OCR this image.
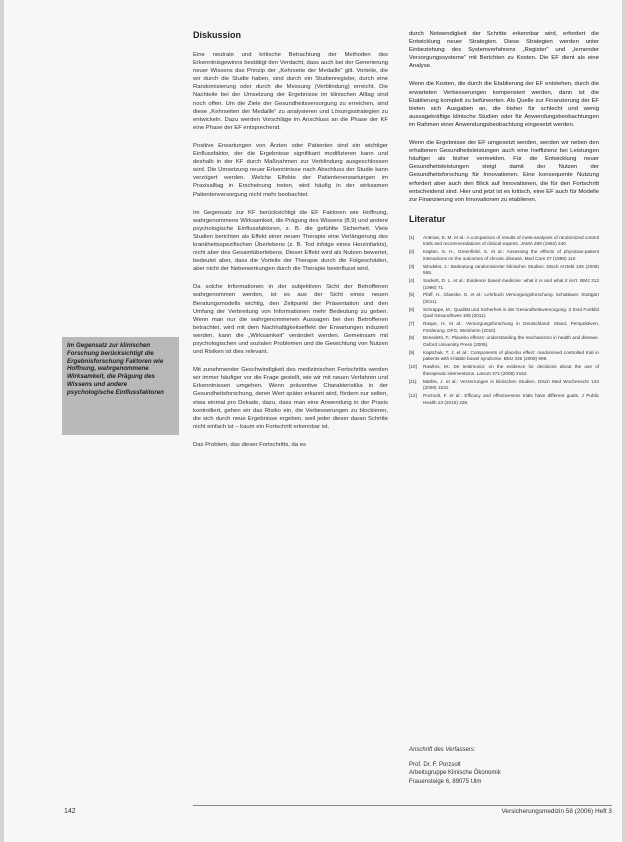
Im Gegensatz zur klinischen Forschung berücksichtigt die Ergebnisforschung Faktoren wie Hoffnung, wahrgenommene Wirksamkeit, die Prägung des Wissens und andere psychologische Einflussfaktoren
Diskussion

Eine neutrale und kritische Betrachtung der Methoden des Erkenntnisgewinns bestätigt den Verdacht, dass auch bei der Generierung neuer Wissens das Prinzip der „Kehrseite der Medaille“ gilt. Vorteile, die wir durch die Studie haben, sind durch ein Studienregister, durch eine Randomisierung oder durch die Messung (Verblindung) erreicht. Die Nachteile bei der Umsetzung der Ergebnisse im klinischen Alltag sind noch offen. Um die Ziele der Gesundheitsversorgung zu erreichen, sind diese „Kehrseiten der Medaille“ zu analysieren und Lösungsstrategien zu entwickeln. Dazu werden Vorschläge im Anschluss an die Phase der KF eine Phase der EF entsprechend.

Positive Erwartungen von Ärzten oder Patienten sind ein wichtiger Einflussfaktor, der die Ergebnisse signifikant modifizieren kann und deshalb in der KF durch Maßnahmen zur Verblindung ausgeschlossen wird. Die Umsetzung neuer Erkenntnisse nach Abschluss der Studie kann verzögert werden. Welche Effekte der Patientenerwartungen im Praxisalltag in Erscheinung treten, wird häufig in der wirksamen Patientenversorgung nicht mehr beobachtet.

Im Gegensatz zur KF berücksichtigt die EF Faktoren wie Hoffnung, wahrgenommene Wirksamkeit, die Prägung des Wissens (8,9) und andere psychologische Einflussfaktoren, z. B. die gefühlte Sicherheit. Viele Studien berichten als Effekt einer neuen Therapie eine Verlängerung des krankheitsspezifischen Überlebens (z. B. Tod infolge eines Herzinfarkts), nicht aber des Gesamtüberlebens. Dieser Effekt wird als Nutzen bewertet, bedeutet aber, dass die Vorteile der Therapie durch die Folgeschäden, aber nicht der Nebenwirkungen durch die Therapie beeinflusst wird.

Da solche Informationen in der subjektiven Sicht der Betroffenen wahrgenommen werden, ist es aus der Sicht eines neuen Beratungsmodells wichtig, den Zeitpunkt der Präsentation und den Umfang der Verbreitung von Informationen mehr Bedeutung zu geben. Wenn man nur die wahrgenommenen Aussagen bei den Betroffenen betrachtet, wird mit dem Nachhaltigkeitseffekt der Erwartungen induziert werden, kann die „Wirksamkeit“ verändert werden. Gemeinsam mit psychologischen und sozialen Problemen und die Gewichtung von Nutzen und Risiken ist dies relevant.

Mit zunehmender Geschwindigkeit des medizinischen Fortschritts werden wir immer häufiger vor die Frage gestellt, wie wir mit neuen Verfahren und Erkenntnissen umgehen. Wenn präventive Charakteristika in der Gesundheitsforschung, deren Wert später erkannt wird, fördern nur selten, etwa einmal pro Dekade, dazu, dass man eine Anwendung in der Praxis kontrolliert, gehen wir das Risiko ein, die Verbesserungen zu blockieren, die sich durch neue Ergebnisse ergeben, weil jeder dieser daran Schritte nicht einfach ist – kaum ein Fortschritt erkennbar ist.

Das Problem, das dieser Fortschritts, da es

durch Notwendigkeit der Schritte erkennbar wird, erfordert die Entwicklung neuer Strategien. Diese Strategien werden unter Einbeziehung des Systemverfahrens „Register“ und „lernender Versorgungssysteme“ mit Berichten zu Kosten. Die EF dient als eine Analyse.

Wenn die Kosten, die durch die Etablierung der EF entstehen, durch die erwarteten Verbesserungen kompensiert werden, dann ist die Etablierung komplett zu befürworten. Als Quelle zur Finanzierung der EF bieten sich Ausgaben an, die bisher für schlecht und wenig aussagekräftige klinische Studien oder für Anwendungsbeobachtungen im Rahmen einer Anwendungsbeobachtung eingesetzt werden.

Wenn die Ergebnisse der EF umgesetzt werden, werden wir neben den erhaltenen Gesundheitsleistungen auch eine Ineffizienz bei Leistungen häufiger als bisher vermeiden. Für die Entwicklung neuer Gesundheitsleistungen steigt damit der Nutzen der Gesundheitsforschung für Innovationen. Eine konsequente Nutzung erfordert aber auch den Blick auf Innovationen, die für den Fortschritt entscheidend sind. Hier und jetzt ist es kritisch, eine EF auch für Modelle zur Finanzierung von Innovationen zu etablieren.

Literatur
[1]	Antman, E. M. et al.: A comparison of results of meta-analyses of randomized control trials and recommendations of clinical experts. JAMA 268 (1992) 240.
[2]	Kaplan, S. H., Greenfield, S. et al.: Assessing the effects of physician-patient interactions on the outcomes of chronic disease. Med Care 27 (1989) 110.
[3]	Windeler, J.: Bedeutung randomisierter klinischer Studien. Dtsch Arztebl 105 (2008) 565.
[4]	Sackett, D. L. et al.: Evidence based medicine: what it is and what it isn't. BMJ 312 (1996) 71.
[5]	Pfaff, H., Glaeske, G. et al.: Lehrbuch Versorgungsforschung. Schattauer, Stuttgart (2011).
[6]	Schrappe, M.: Qualität und Sicherheit in der Gesundheitsversorgung. Z Evid Fortbild Qual Gesundhwes 105 (2011).
[7]	Raspe, H. et al.: Versorgungsforschung in Deutschland: Stand, Perspektiven, Förderung. DFG, Weinheim (2010).
[8]	Benedetti, F.: Placebo effects: understanding the mechanisms in health and disease. Oxford University Press (2009).
[9]	Kaptchuk, T. J. et al.: Components of placebo effect: randomised controlled trial in patients with irritable bowel syndrome. BMJ 336 (2008) 999.
[10]	Rawlins, M.: De testimonio: on the evidence for decisions about the use of therapeutic interventions. Lancet 372 (2008) 2152.
[11]	Mathis, J. et al.: Verzerrungen in klinischen Studien. Dtsch Med Wochenschr 133 (2008) 1531.
[12]	Porzsolt, F. et al.: Efficacy and effectiveness trials have different goals. J Public Health 23 (2015) 229.
Anschrift des Verfassers:
Prof. Dr. F. Porzsolt
Arbeitsgruppe Klinische Ökonomik
Frauensteige 6, 89075 Ulm
142	Versicherungsmedizin 58 (2006) Heft 3
